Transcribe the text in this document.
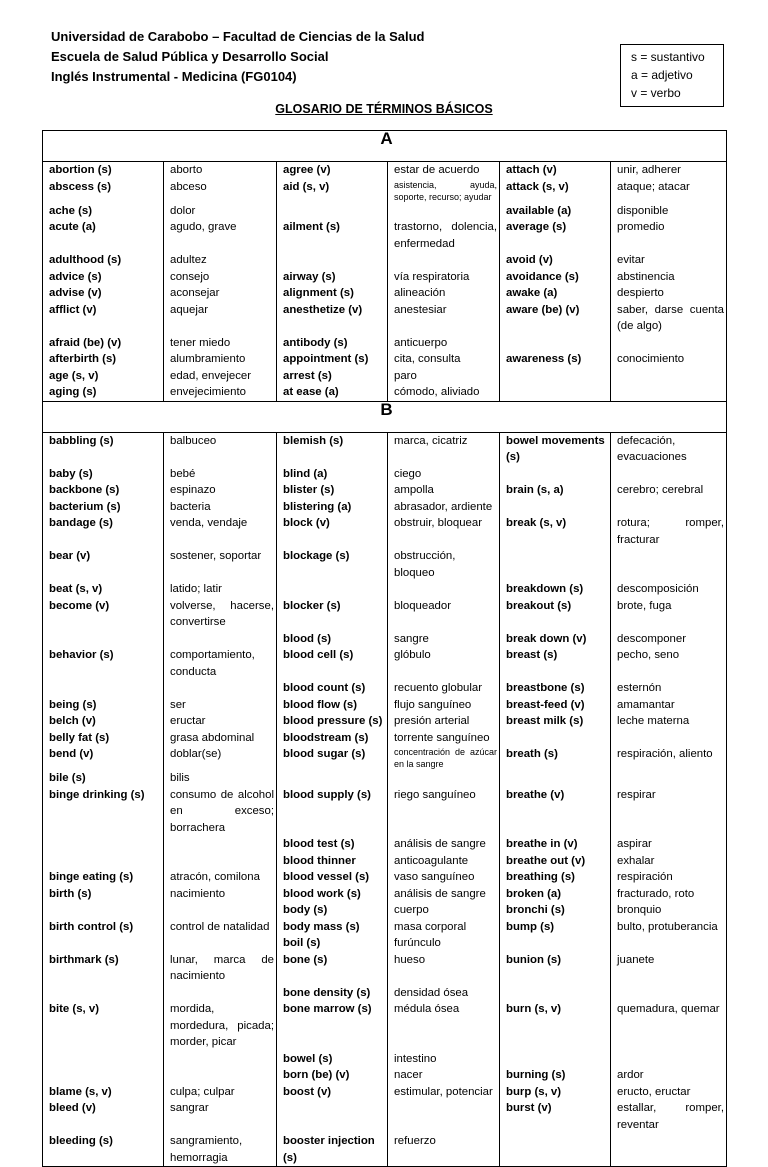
Universidad de Carabobo – Facultad de Ciencias de la Salud
Escuela de Salud Pública y Desarrollo Social
Inglés Instrumental - Medicina (FG0104)
s = sustantivo
a = adjetivo
v = verbo
GLOSARIO DE TÉRMINOS BÁSICOS
A					
abortion (s)	aborto	agree (v)	estar de acuerdo	attach (v)	unir, adherer
abscess (s)	abceso	aid (s, v)	asistencia, ayuda, soporte, recurso; ayudar	attack (s, v)	ataque; atacar
ache (s)	dolor			available (a)	disponible
acute (a)	agudo, grave	ailment (s)	trastorno, dolencia, enfermedad	average (s)	promedio
adulthood (s)	adultez			avoid (v)	evitar
advice (s)	consejo	airway (s)	vía respiratoria	avoidance (s)	abstinencia
advise (v)	aconsejar	alignment (s)	alineación	awake (a)	despierto
afflict (v)	aquejar	anesthetize (v)	anestesiar	aware (be) (v)	saber, darse cuenta (de algo)
afraid (be) (v)	tener miedo	antibody (s)	anticuerpo		
afterbirth (s)	alumbramiento	appointment (s)	cita, consulta	awareness (s)	conocimiento
age (s, v)	edad, envejecer	arrest (s)	paro		
aging (s)	envejecimiento	at ease (a)	cómodo, aliviado		
B					
babbling (s)	balbuceo	blemish (s)	marca, cicatriz	bowel movements (s)	defecación, evacuaciones
baby (s)	bebé	blind (a)	ciego		
backbone (s)	espinazo	blister (s)	ampolla	brain (s, a)	cerebro; cerebral
bacterium (s)	bacteria	blistering (a)	abrasador, ardiente		
bandage (s)	venda, vendaje	block (v)	obstruir, bloquear	break (s, v)	rotura; romper, fracturar
bear (v)	sostener, soportar	blockage (s)	obstrucción, bloqueo		
beat (s, v)	latido; latir			breakdown (s)	descomposición
become (v)	volverse, hacerse, convertirse	blocker (s)	bloqueador	breakout (s)	brote, fuga
		blood (s)	sangre	break down (v)	descomponer
behavior (s)	comportamiento, conducta	blood cell (s)	glóbulo	breast (s)	pecho, seno
		blood count (s)	recuento globular	breastbone (s)	esternón
being (s)	ser	blood flow (s)	flujo sanguíneo	breast-feed (v)	amamantar
belch (v)	eructar	blood pressure (s)	presión arterial	breast milk (s)	leche materna
belly fat (s)	grasa abdominal	bloodstream (s)	torrente sanguíneo		
bend (v)	doblar(se)	blood sugar (s)	concentración de azúcar en la sangre	breath (s)	respiración, aliento
bile (s)	bilis				
binge drinking (s)	consumo de alcohol en exceso; borrachera	blood supply (s)	riego sanguíneo	breathe (v)	respirar
		blood test (s)	análisis de sangre	breathe in (v)	aspirar
		blood thinner	anticoagulante	breathe out (v)	exhalar
binge eating (s)	atracón, comilona	blood vessel (s)	vaso sanguíneo	breathing (s)	respiración
birth (s)	nacimiento	blood work (s)	análisis de sangre	broken (a)	fracturado, roto
		body (s)	cuerpo	bronchi (s)	bronquio
birth control (s)	control de natalidad	body mass (s)	masa corporal	bump (s)	bulto, protuberancia
		boil (s)	furúnculo		
birthmark (s)	lunar, marca de nacimiento	bone (s)	hueso	bunion (s)	juanete
		bone density (s)	densidad ósea		
bite (s, v)	mordida, mordedura, picada; morder, picar	bone marrow (s)	médula ósea	burn (s, v)	quemadura, quemar
		bowel (s)	intestino		
		born (be) (v)	nacer	burning (s)	ardor
blame (s, v)	culpa; culpar	boost (v)	estimular, potenciar	burp (s, v)	eructo, eructar
bleed (v)	sangrar			burst (v)	estallar, romper, reventar
bleeding (s)	sangramiento, hemorragia	booster injection (s)	refuerzo		
